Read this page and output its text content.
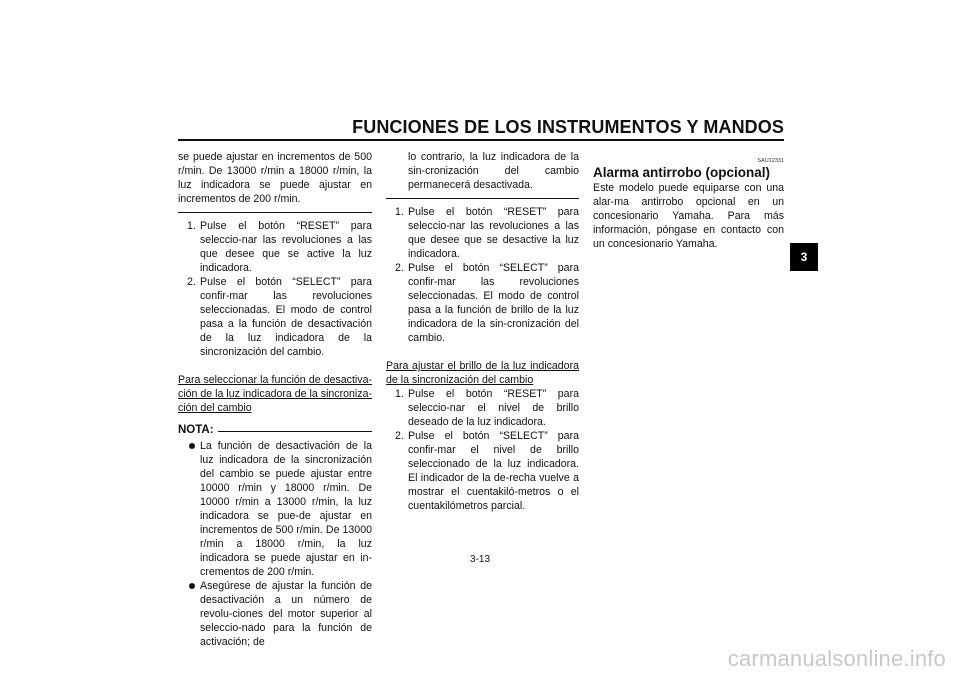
FUNCIONES DE LOS INSTRUMENTOS Y MANDOS

se puede ajustar en incrementos de 500 r/min. De 13000 r/min a 18000 r/min, la luz indicadora se puede ajustar en incrementos de 200 r/min.

1. Pulse el botón “RESET” para seleccio-nar las revoluciones a las que desee que se active la luz indicadora.
2. Pulse el botón “SELECT” para confir-mar las revoluciones seleccionadas. El modo de control pasa a la función de desactivación de la luz indicadora de la sincronización del cambio.

Para seleccionar la función de desactiva-ción de la luz indicadora de la sincroniza-ción del cambio

NOTA:
La función de desactivación de la luz indicadora de la sincronización del cambio se puede ajustar entre 10000 r/min y 18000 r/min. De 10000 r/min a 13000 r/min, la luz indicadora se pue-de ajustar en incrementos de 500 r/min. De 13000 r/min a 18000 r/min, la luz indicadora se puede ajustar en in-crementos de 200 r/min.
Asegúrese de ajustar la función de desactivación a un número de revolu-ciones del motor superior al seleccio-nado para la función de activación; de

lo contrario, la luz indicadora de la sin-cronización del cambio permanecerá desactivada.

1. Pulse el botón “RESET” para seleccio-nar las revoluciones a las que desee que se desactive la luz indicadora.
2. Pulse el botón “SELECT” para confir-mar las revoluciones seleccionadas. El modo de control pasa a la función de brillo de la luz indicadora de la sin-cronización del cambio.

Para ajustar el brillo de la luz indicadora de la sincronización del cambio

1. Pulse el botón “RESET” para seleccio-nar el nivel de brillo deseado de la luz indicadora.
2. Pulse el botón “SELECT” para confir-mar el nivel de brillo seleccionado de la luz indicadora. El indicador de la de-recha vuelve a mostrar el cuentakiló-metros o el cuentakilómetros parcial.
SAU12331

Alarma antirrobo (opcional)

Este modelo puede equiparse con una alar-ma antirrobo opcional en un concesionario Yamaha. Para más información, póngase en contacto con un concesionario Yamaha.

3
3-13
carmanualsonline.info
